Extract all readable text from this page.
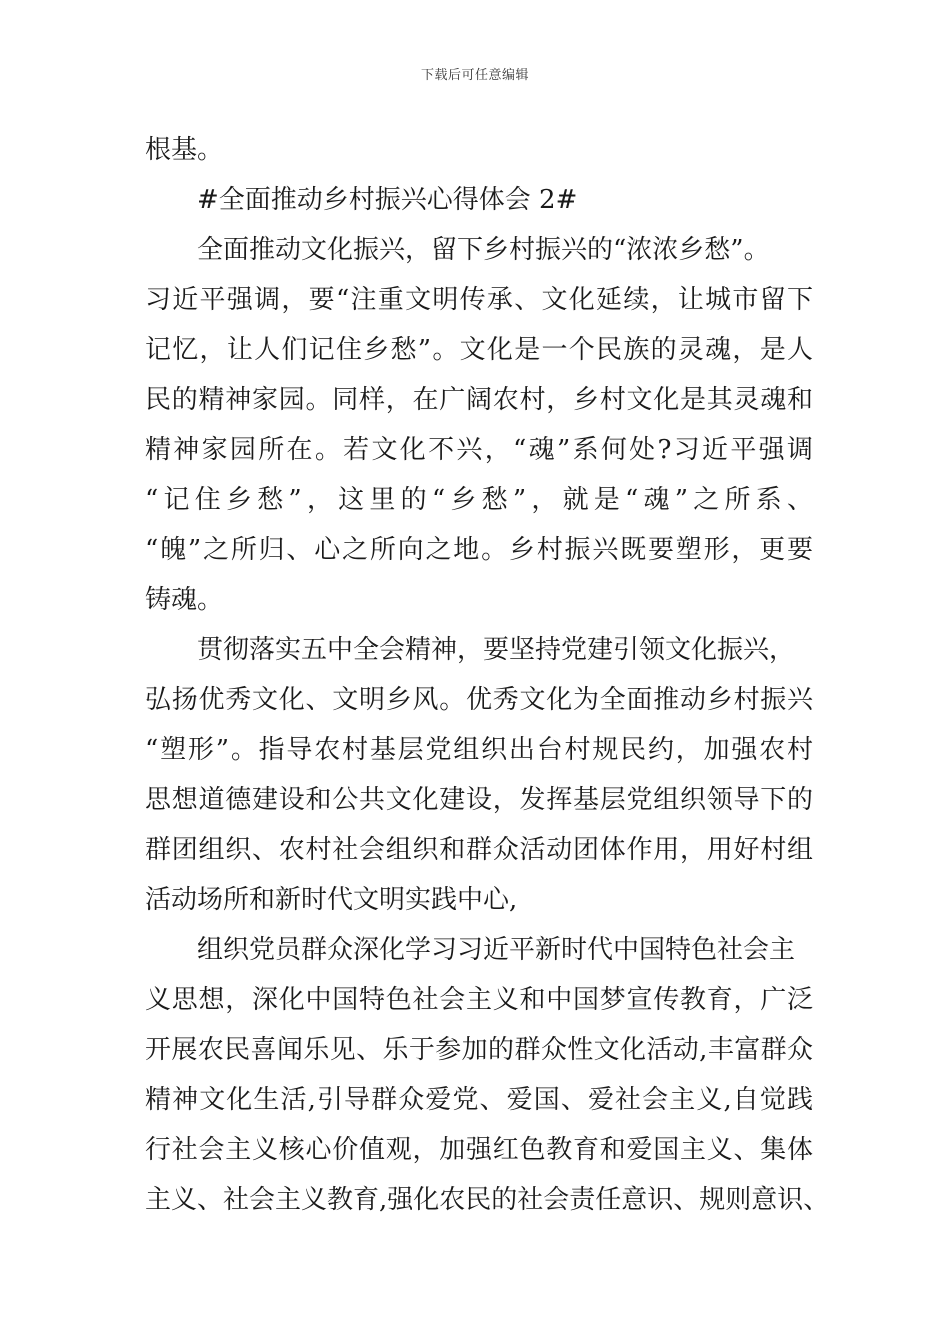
下载后可任意编辑
根基。
#全面推动乡村振兴心得体会 2#
全面推动文化振兴，留下乡村振兴的“浓浓乡愁”。
习近平强调，要“注重文明传承、文化延续，让城市留下
记忆，让人们记住乡愁”。文化是一个民族的灵魂，是人
民的精神家园。同样，在广阔农村，乡村文化是其灵魂和
精神家园所在。若文化不兴，“魂”系何处?习近平强调
“记住乡愁”，这里的“乡愁”，就是“魂”之所系、
“魄”之所归、心之所向之地。乡村振兴既要塑形，更要
铸魂。
贯彻落实五中全会精神，要坚持党建引领文化振兴，
弘扬优秀文化、文明乡风。优秀文化为全面推动乡村振兴
“塑形”。指导农村基层党组织出台村规民约，加强农村
思想道德建设和公共文化建设，发挥基层党组织领导下的
群团组织、农村社会组织和群众活动团体作用，用好村组
活动场所和新时代文明实践中心,
组织党员群众深化学习习近平新时代中国特色社会主
义思想，深化中国特色社会主义和中国梦宣传教育，广泛
开展农民喜闻乐见、乐于参加的群众性文化活动,丰富群众
精神文化生活,引导群众爱党、爱国、爱社会主义,自觉践
行社会主义核心价值观，加强红色教育和爱国主义、集体
主义、社会主义教育,强化农民的社会责任意识、规则意识、
